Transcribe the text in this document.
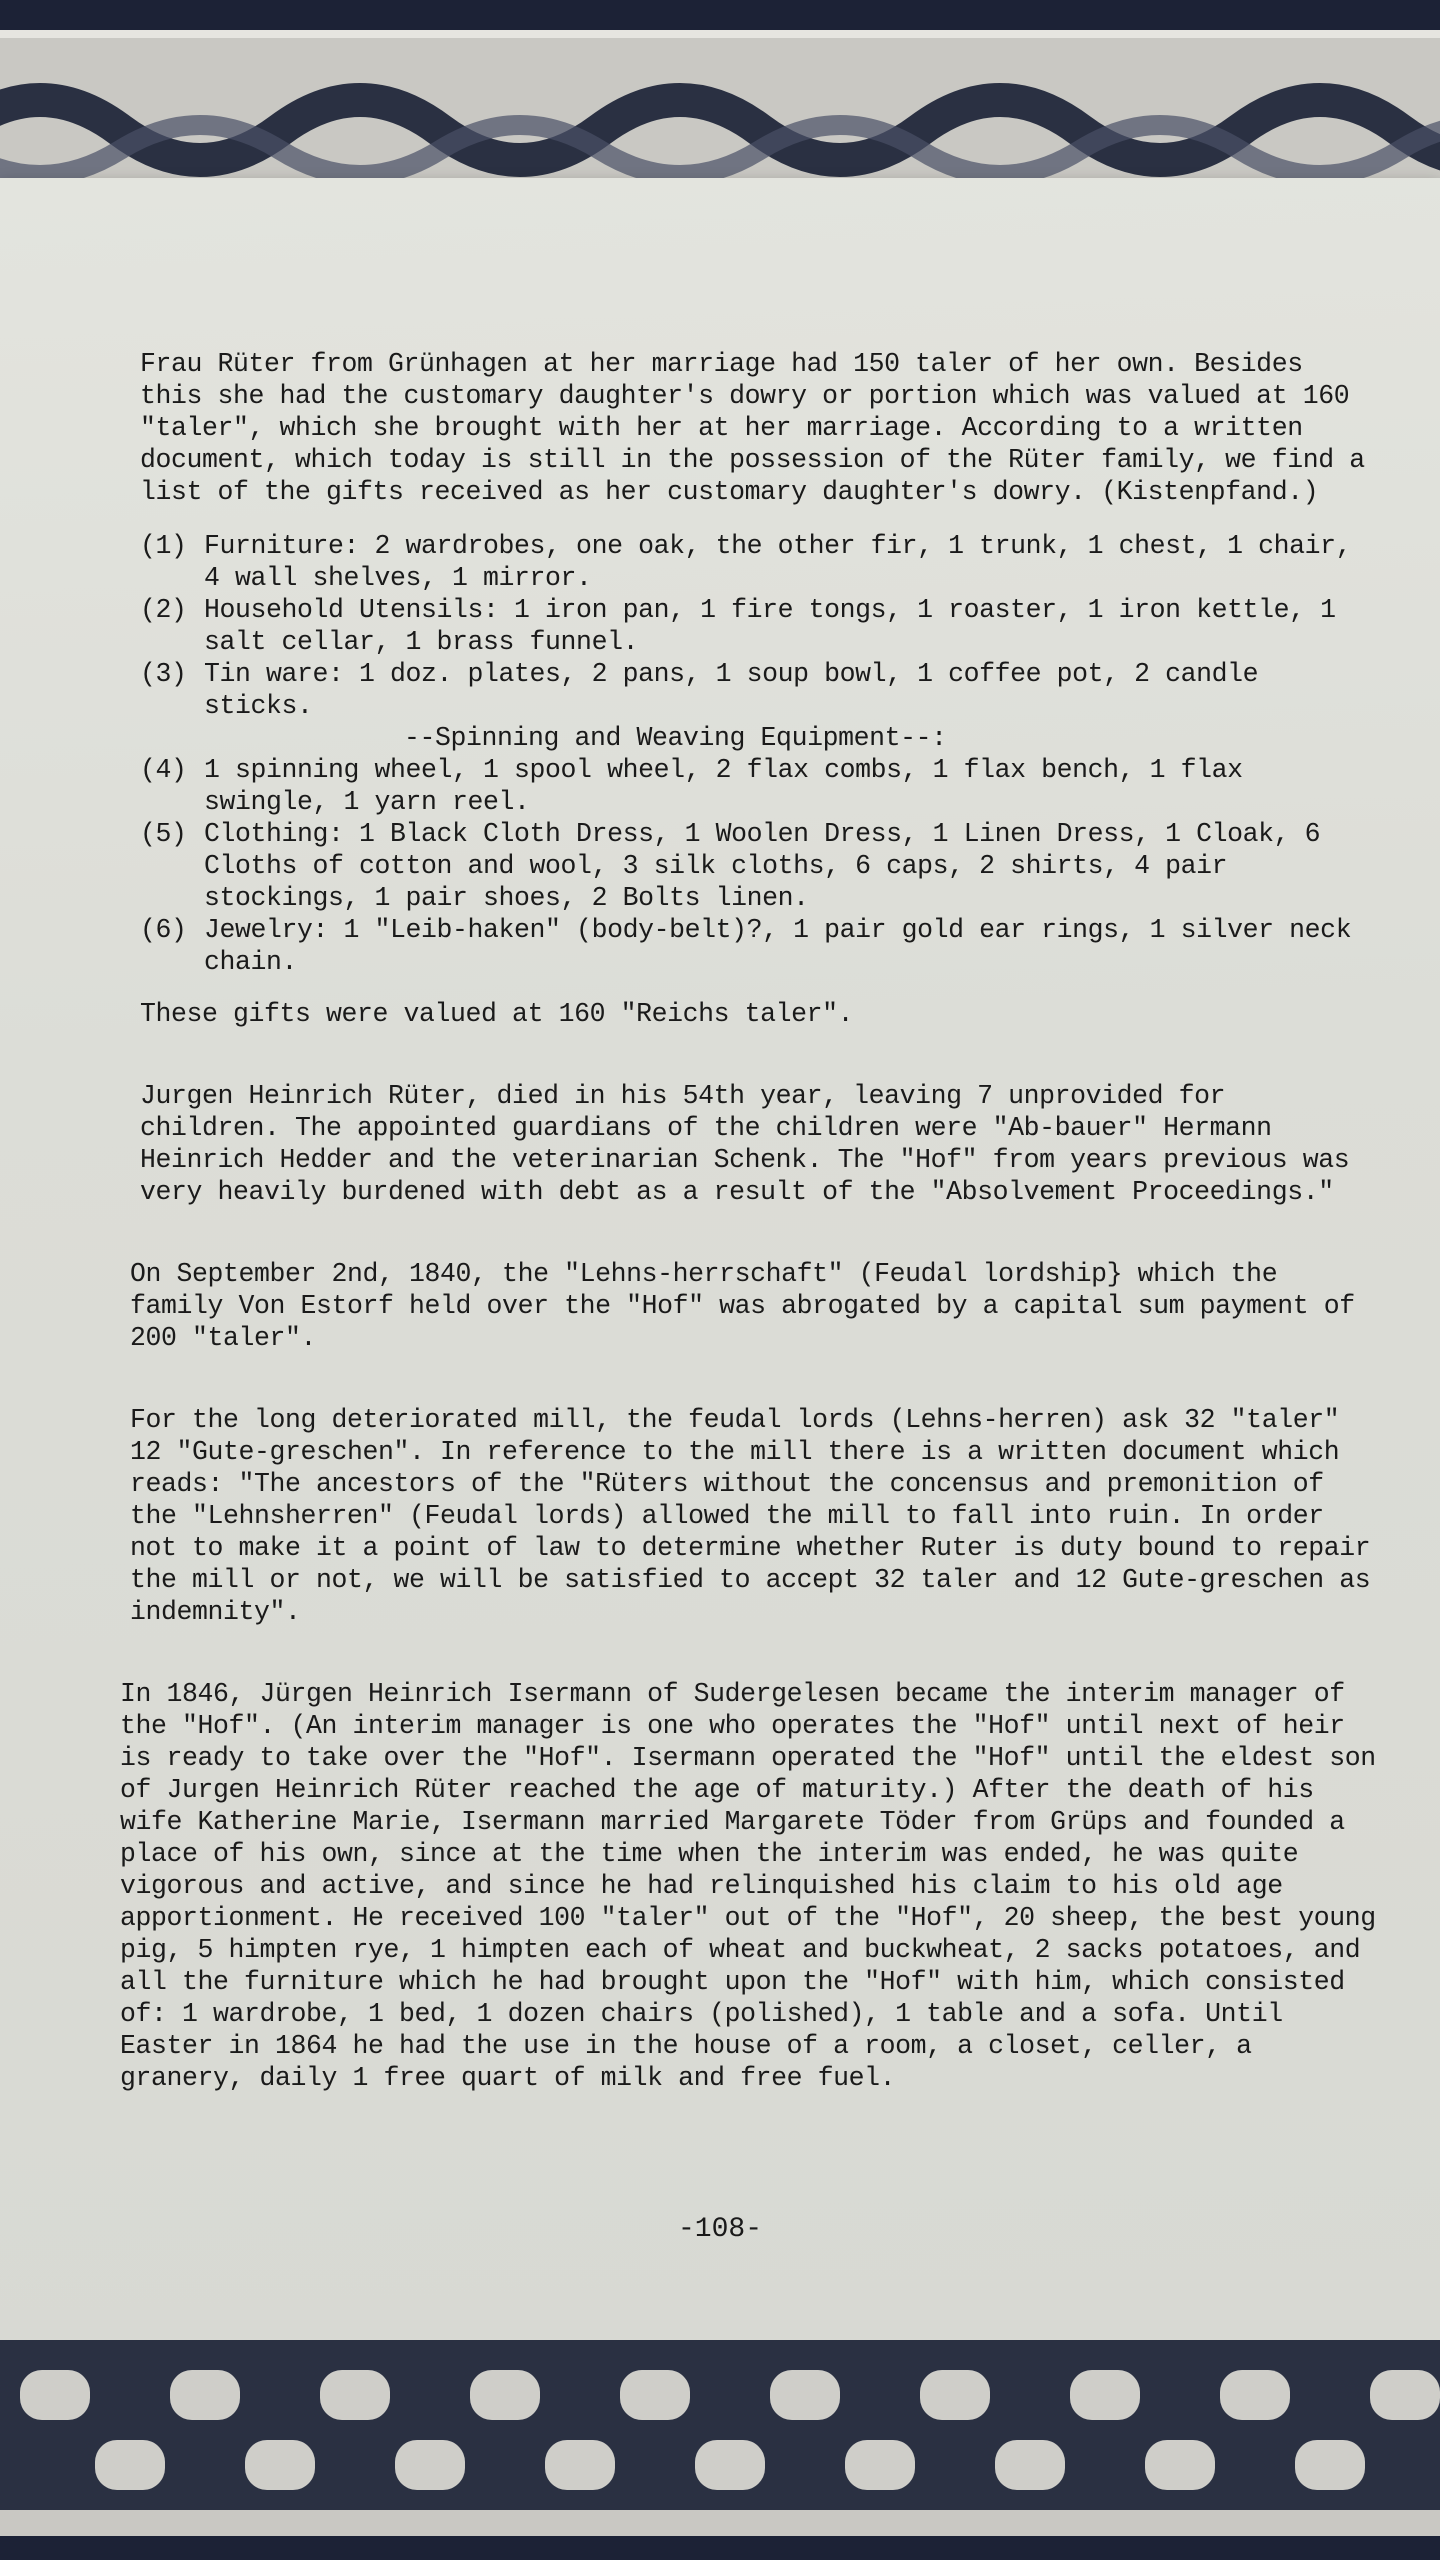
Frau Rüter from Grünhagen at her marriage had 150 taler of her own. Besides this she had the customary daughter's dowry or portion which was valued at 160 "taler", which she brought with her at her marriage. According to a written document, which today is still in the possession of the Rüter family, we find a list of the gifts received as her customary daughter's dowry. (Kistenpfand.)

(1) Furniture: 2 wardrobes, one oak, the other fir, 1 trunk, 1 chest, 1 chair, 4 wall shelves, 1 mirror.
(2) Household Utensils: 1 iron pan, 1 fire tongs, 1 roaster, 1 iron kettle, 1 salt cellar, 1 brass funnel.
(3) Tin ware: 1 doz. plates, 2 pans, 1 soup bowl, 1 coffee pot, 2 candle sticks.
--Spinning and Weaving Equipment--:
(4) 1 spinning wheel, 1 spool wheel, 2 flax combs, 1 flax bench, 1 flax swingle, 1 yarn reel.
(5) Clothing: 1 Black Cloth Dress, 1 Woolen Dress, 1 Linen Dress, 1 Cloak, 6 Cloths of cotton and wool, 3 silk cloths, 6 caps, 2 shirts, 4 pair stockings, 1 pair shoes, 2 Bolts linen.
(6) Jewelry: 1 "Leib-haken" (body-belt)?, 1 pair gold ear rings, 1 silver neck chain.

These gifts were valued at 160 "Reichs taler".

Jurgen Heinrich Rüter, died in his 54th year, leaving 7 unprovided for children. The appointed guardians of the children were "Ab-bauer" Hermann Heinrich Hedder and the veterinarian Schenk. The "Hof" from years previous was very heavily burdened with debt as a result of the "Absolvement Proceedings."

On September 2nd, 1840, the "Lehns-herrschaft" (Feudal lordship} which the family Von Estorf held over the "Hof" was abrogated by a capital sum payment of 200 "taler".

For the long deteriorated mill, the feudal lords (Lehns-herren) ask 32 "taler" 12 "Gute-greschen". In reference to the mill there is a written document which reads: "The ancestors of the "Rüters without the concensus and premonition of the "Lehnsherren" (Feudal lords) allowed the mill to fall into ruin. In order not to make it a point of law to determine whether Ruter is duty bound to repair the mill or not, we will be satisfied to accept 32 taler and 12 Gute-greschen as indemnity".

In 1846, Jürgen Heinrich Isermann of Sudergelesen became the interim manager of the "Hof". (An interim manager is one who operates the "Hof" until next of heir is ready to take over the "Hof". Isermann operated the "Hof" until the eldest son of Jurgen Heinrich Rüter reached the age of maturity.) After the death of his wife Katherine Marie, Isermann married Margarete Töder from Grüps and founded a place of his own, since at the time when the interim was ended, he was quite vigorous and active, and since he had relinquished his claim to his old age apportionment. He received 100 "taler" out of the "Hof", 20 sheep, the best young pig, 5 himpten rye, 1 himpten each of wheat and buckwheat, 2 sacks potatoes, and all the furniture which he had brought upon the "Hof" with him, which consisted of: 1 wardrobe, 1 bed, 1 dozen chairs (polished), 1 table and a sofa. Until Easter in 1864 he had the use in the house of a room, a closet, celler, a granery, daily 1 free quart of milk and free fuel.

-108-
